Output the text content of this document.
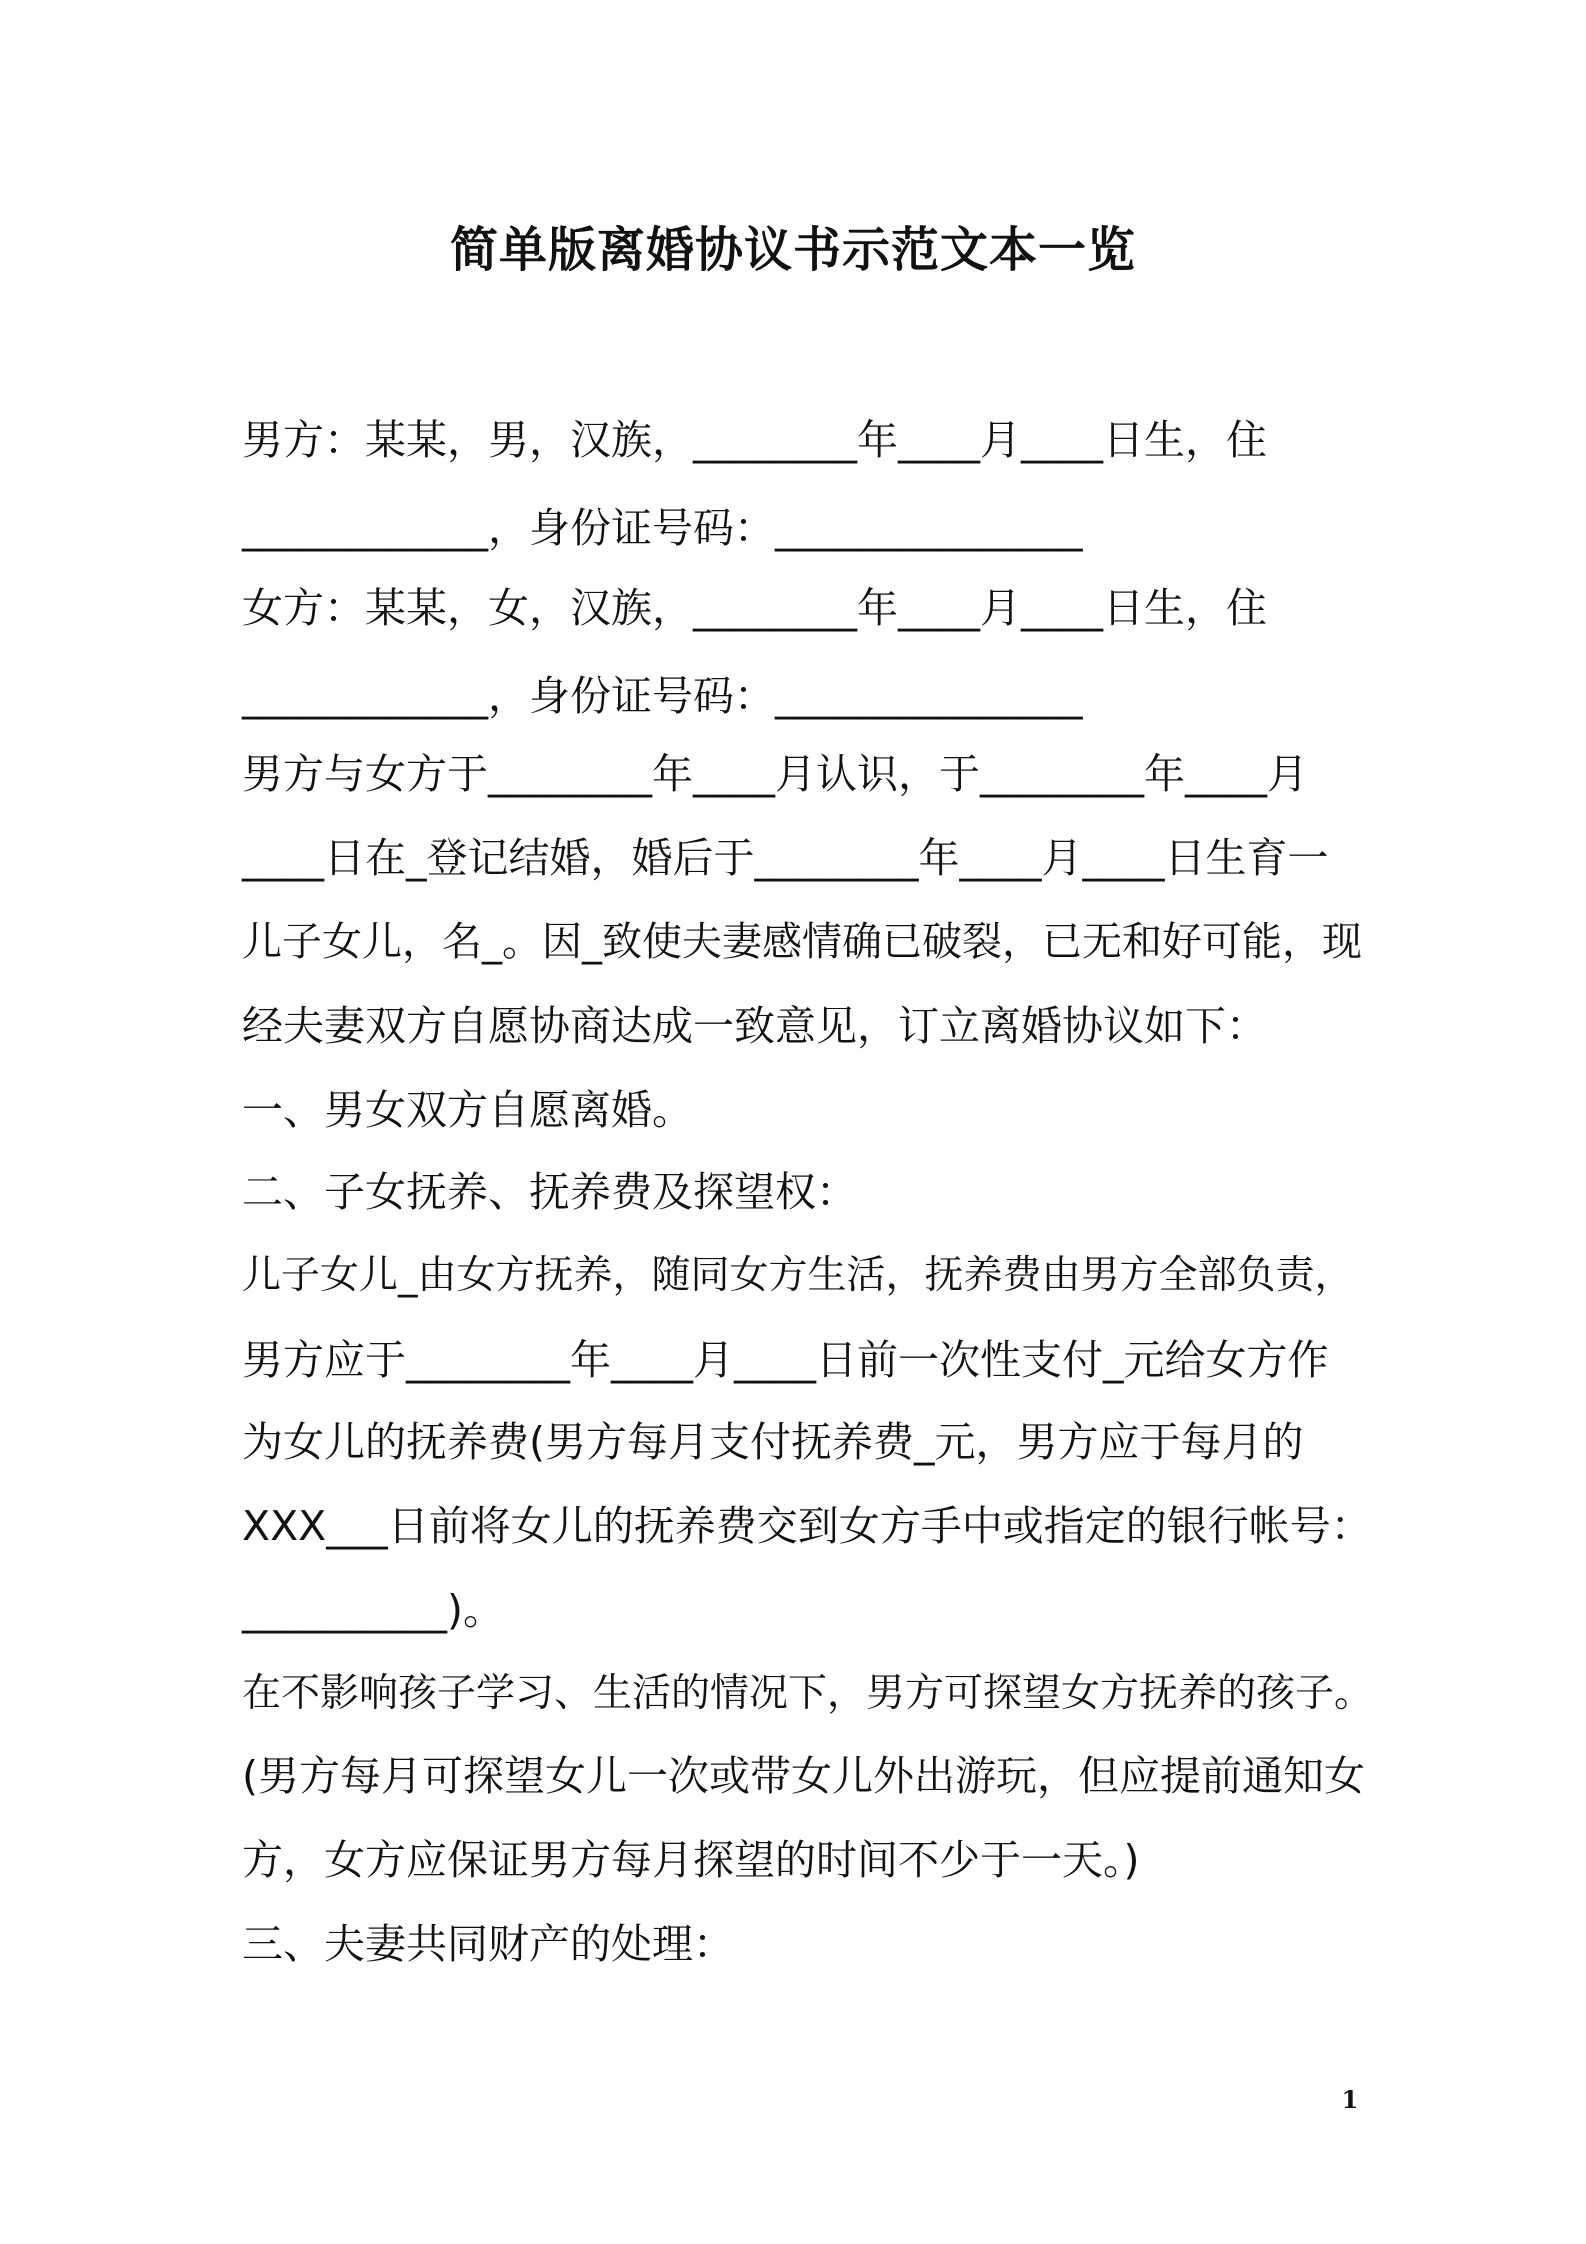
简单版离婚协议书示范文本一览
男方：某某，男，汉族，________年____月____日生，住
____________，身份证号码：_______________
女方：某某，女，汉族，________年____月____日生，住
____________，身份证号码：_______________
男方与女方于________年____月认识，于________年____月
____日在_登记结婚，婚后于________年____月____日生育一
儿子女儿，名_。因_致使夫妻感情确已破裂，已无和好可能，现
经夫妻双方自愿协商达成一致意见，订立离婚协议如下：
一、男女双方自愿离婚。
二、子女抚养、抚养费及探望权：
儿子女儿_由女方抚养，随同女方生活，抚养费由男方全部负责，
男方应于________年____月____日前一次性支付_元给女方作
为女儿的抚养费(男方每月支付抚养费_元，男方应于每月的
XXX___日前将女儿的抚养费交到女方手中或指定的银行帐号：
__________)。
在不影响孩子学习、生活的情况下，男方可探望女方抚养的孩子。
(男方每月可探望女儿一次或带女儿外出游玩，但应提前通知女
方，女方应保证男方每月探望的时间不少于一天。)
三、夫妻共同财产的处理：
1
